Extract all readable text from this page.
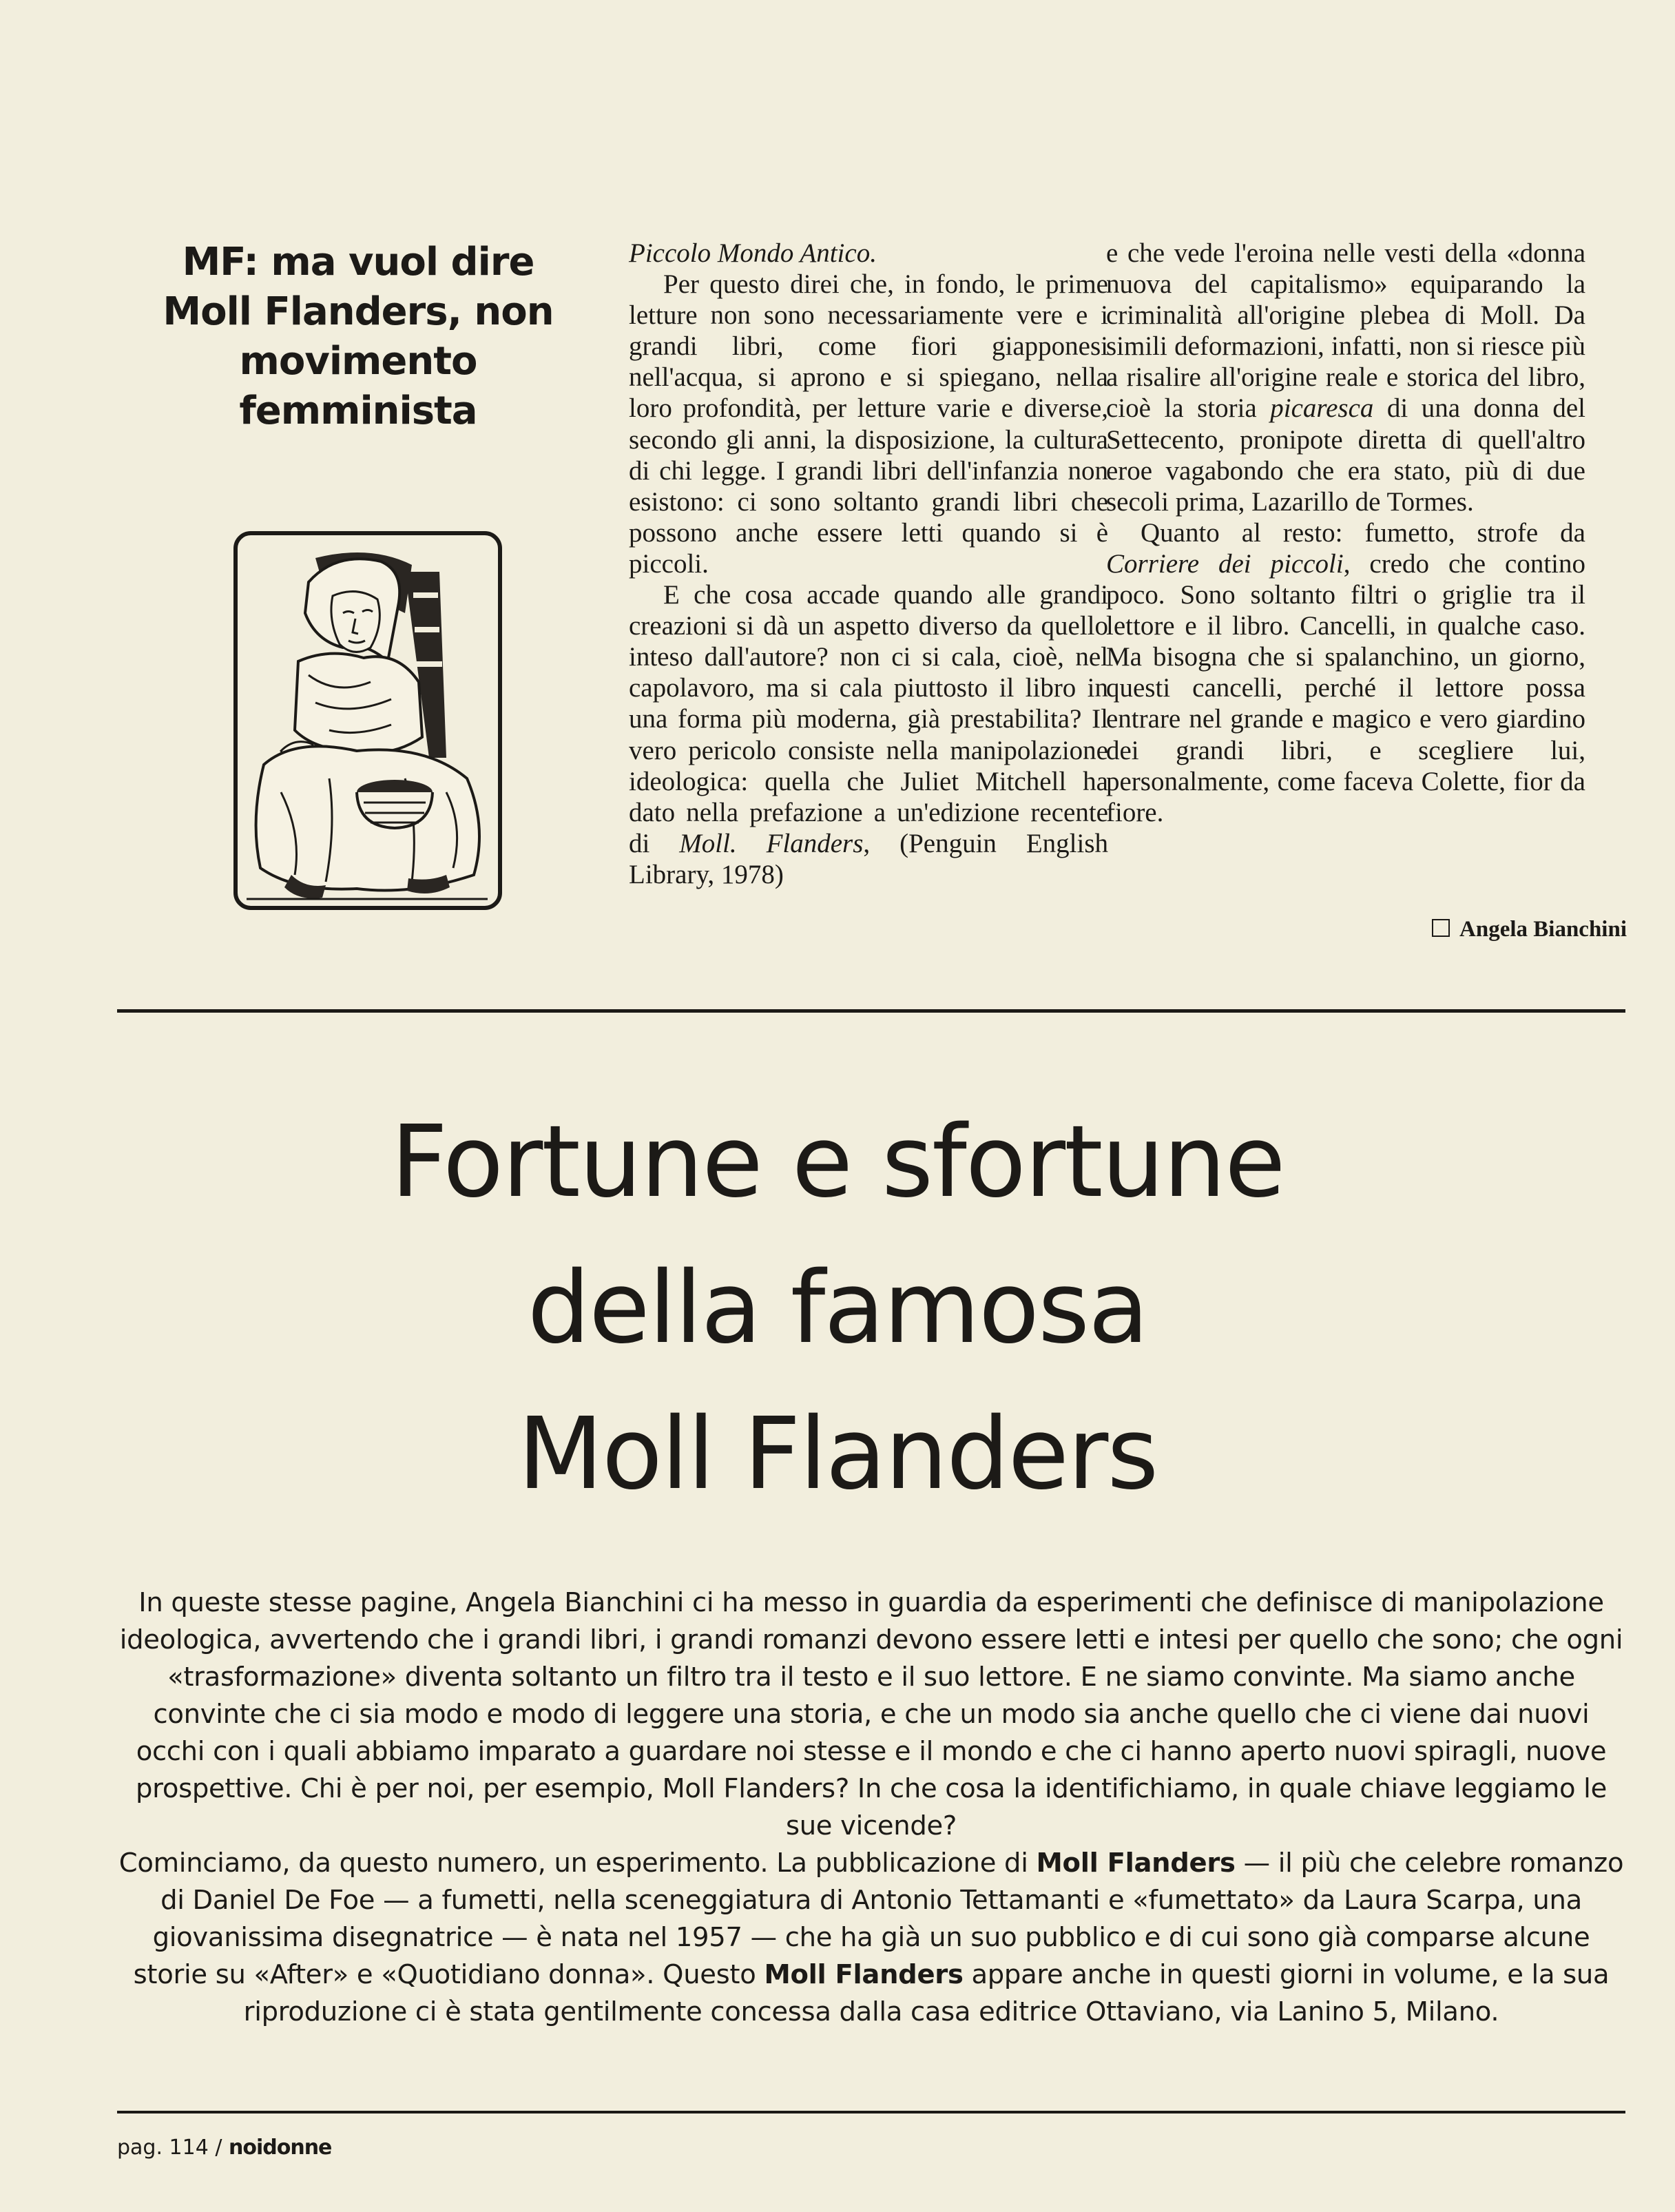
MF: ma vuol dire Moll Flanders, non movimento femminista

Piccolo Mondo Antico.

Per questo direi che, in fondo, le prime letture non sono necessariamente vere e i grandi libri, come fiori giapponesi nell'acqua, si aprono e si spiegano, nella loro profondità, per letture varie e diverse, secondo gli anni, la disposizione, la cultura di chi legge. I grandi libri dell'infanzia non esistono: ci sono soltanto grandi libri che possono anche essere letti quando si è piccoli.

E che cosa accade quando alle grandi creazioni si dà un aspetto diverso da quello inteso dall'autore? non ci si cala, cioè, nel capolavoro, ma si cala piuttosto il libro in una forma più moderna, già prestabilita? Il vero pericolo consiste nella manipolazione ideologica: quella che Juliet Mitchell ha dato nella prefazione a un'edizione recente di Moll. Flanders, (Penguin English Library, 1978)

e che vede l'eroina nelle vesti della «donna nuova del capitalismo» equiparando la criminalità all'origine plebea di Moll. Da simili deformazioni, infatti, non si riesce più a risalire all'origine reale e storica del libro, cioè la storia picaresca di una donna del Settecento, pronipote diretta di quell'altro eroe vagabondo che era stato, più di due secoli prima, Lazarillo de Tormes.

Quanto al resto: fumetto, strofe da Corriere dei piccoli, credo che contino poco. Sono soltanto filtri o griglie tra il lettore e il libro. Cancelli, in qualche caso. Ma bisogna che si spalanchino, un giorno, questi cancelli, perché il lettore possa entrare nel grande e magico e vero giardino dei grandi libri, e scegliere lui, personalmente, come faceva Colette, fior da fiore.

Angela Bianchini
Fortune e sfortune
della famosa
Moll Flanders

In queste stesse pagine, Angela Bianchini ci ha messo in guardia da esperimenti che definisce di manipolazione ideologica, avvertendo che i grandi libri, i grandi romanzi devono essere letti e intesi per quello che sono; che ogni «trasformazione» diventa soltanto un filtro tra il testo e il suo lettore. E ne siamo convinte. Ma siamo anche convinte che ci sia modo e modo di leggere una storia, e che un modo sia anche quello che ci viene dai nuovi occhi con i quali abbiamo imparato a guardare noi stesse e il mondo e che ci hanno aperto nuovi spiragli, nuove prospettive. Chi è per noi, per esempio, Moll Flanders? In che cosa la identifichiamo, in quale chiave leggiamo le sue vicende?

Cominciamo, da questo numero, un esperimento. La pubblicazione di Moll Flanders — il più che celebre romanzo di Daniel De Foe — a fumetti, nella sceneggiatura di Antonio Tettamanti e «fumettato» da Laura Scarpa, una giovanissima disegnatrice — è nata nel 1957 — che ha già un suo pubblico e di cui sono già comparse alcune storie su «After» e «Quotidiano donna». Questo Moll Flanders appare anche in questi giorni in volume, e la sua riproduzione ci è stata gentilmente concessa dalla casa editrice Ottaviano, via Lanino 5, Milano.

pag. 114 / noidonne
